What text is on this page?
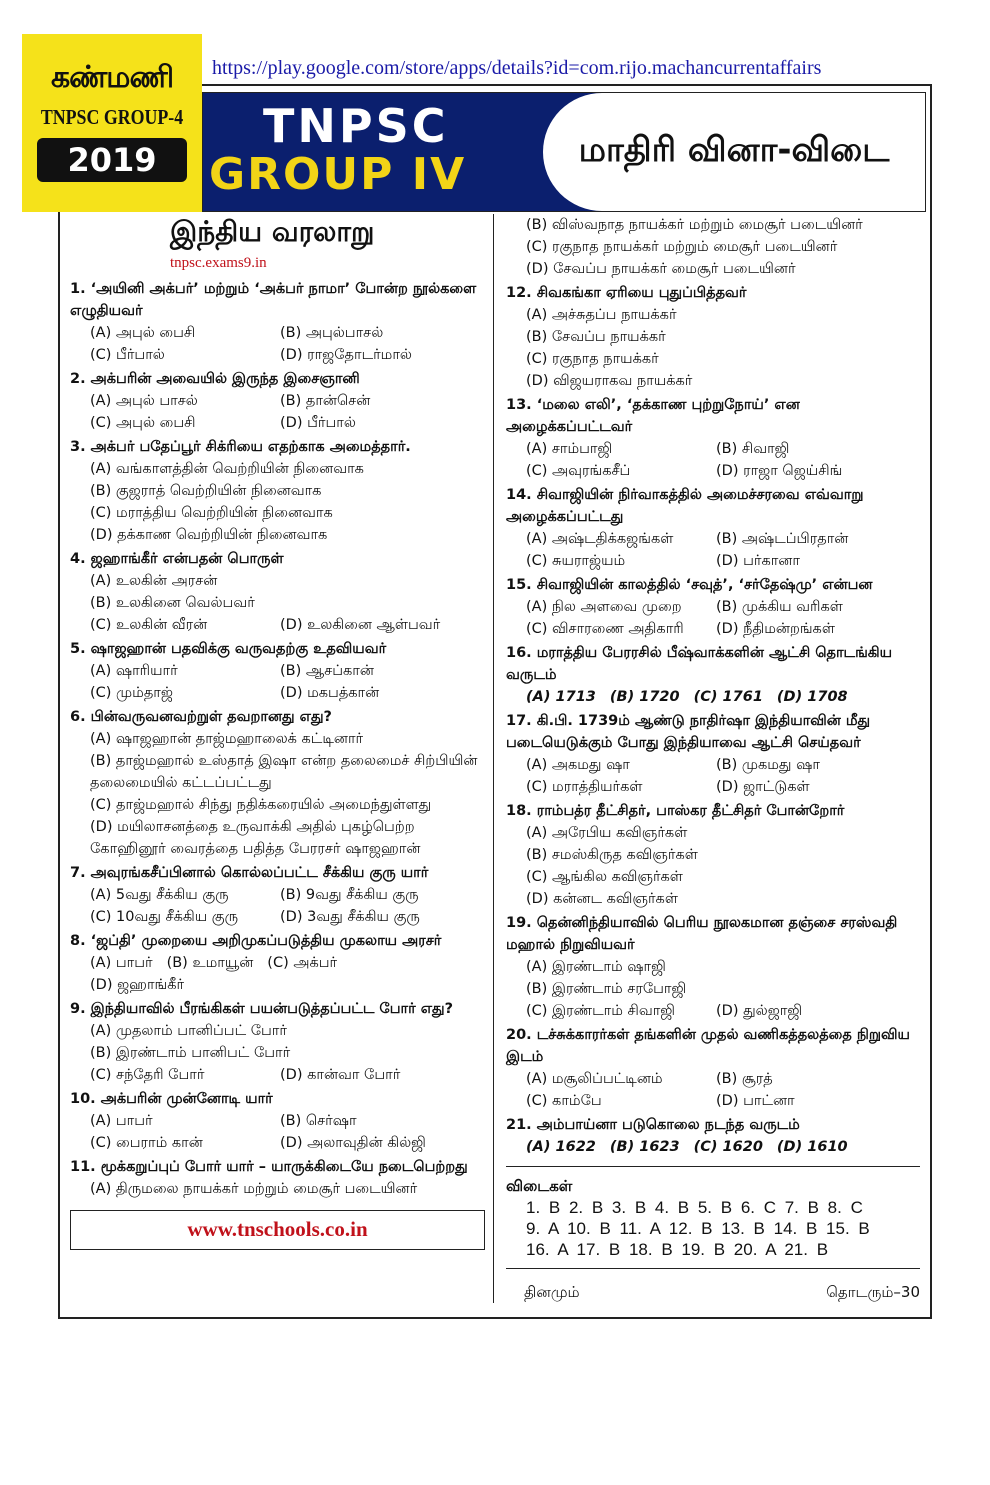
கண்மணி
TNPSC GROUP-4
2019
https://play.google.com/store/apps/details?id=com.rijo.machancurrentaffairs
TNPSC
GROUP IV	மாதிரி வினா-விடை
இந்திய வரலாறு
tnpsc.exams9.in
1. ‘அயினி அக்பர்’ மற்றும் ‘அக்பர் நாமா’ போன்ற நூல்களை எழுதியவர்
(A) அபுல் பைசி	(B) அபுல்பாசல்
(C) பீர்பால்	(D) ராஜதோடர்மால்
2. அக்பரின் அவையில் இருந்த இசைஞானி
(A) அபுல் பாசல்	(B) தான்சென்
(C) அபுல் பைசி	(D) பீர்பால்
3. அக்பர் பதேப்பூர் சிக்ரியை எதற்காக அமைத்தார்.
(A) வங்காளத்தின் வெற்றியின் நினைவாக
(B) குஜராத் வெற்றியின் நினைவாக
(C) மராத்திய வெற்றியின் நினைவாக
(D) தக்காண வெற்றியின் நினைவாக
4. ஜஹாங்கீர் என்பதன் பொருள்
(A) உலகின் அரசன்
(B) உலகினை வெல்பவர்
(C) உலகின் வீரன்	(D) உலகினை ஆள்பவர்
5. ஷாஜஹான் பதவிக்கு வருவதற்கு உதவியவர்
(A) ஷாரியார்	(B) ஆசப்கான்
(C) மும்தாஜ்	(D) மகபத்கான்
6. பின்வருவனவற்றுள் தவறானது எது?
(A) ஷாஜஹான் தாஜ்மஹாலைக் கட்டினார்
(B) தாஜ்மஹால் உஸ்தாத் இஷா என்ற தலைமைச் சிற்பியின் தலைமையில் கட்டப்பட்டது
(C) தாஜ்மஹால் சிந்து நதிக்கரையில் அமைந்துள்ளது
(D) மயிலாசனத்தை உருவாக்கி அதில் புகழ்பெற்ற கோஹினூர் வைரத்தை பதித்த பேரரசர் ஷாஜஹான்
7. அவுரங்கசீப்பினால் கொல்லப்பட்ட சீக்கிய குரு யார்
(A) 5வது சீக்கிய குரு	(B) 9வது சீக்கிய குரு
(C) 10வது சீக்கிய குரு	(D) 3வது சீக்கிய குரு
8. ‘ஜப்தி’ முறையை அறிமுகப்படுத்திய முகலாய அரசர்
(A) பாபர் (B) உமாயூன் (C) அக்பர்
(D) ஜஹாங்கீர்
9. இந்தியாவில் பீரங்கிகள் பயன்படுத்தப்பட்ட போர் எது?
(A) முதலாம் பானிப்பட் போர்
(B) இரண்டாம் பானிபட் போர்
(C) சந்தேரி போர்	(D) கான்வா போர்
10. அக்பரின் முன்னோடி யார்
(A) பாபர்	(B) செர்ஷா
(C) பைராம் கான்	(D) அலாவுதின் கில்ஜி
11. மூக்கறுப்புப் போர் யார் – யாருக்கிடையே நடைபெற்றது
(A) திருமலை நாயக்கர் மற்றும் மைசூர் படையினர்
www.tnschools.co.in
(B) விஸ்வநாத நாயக்கர் மற்றும் மைசூர் படையினர்
(C) ரகுநாத நாயக்கர் மற்றும் மைசூர் படையினர்
(D) சேவப்ப நாயக்கர் மைசூர் படையினர்
12. சிவகங்கா ஏரியை புதுப்பித்தவர்
(A) அச்சுதப்ப நாயக்கர்
(B) சேவப்ப நாயக்கர்
(C) ரகுநாத நாயக்கர்
(D) விஜயராகவ நாயக்கர்
13. ‘மலை எலி’, ‘தக்காண புற்றுநோய்’ என அழைக்கப்பட்டவர்
(A) சாம்பாஜி	(B) சிவாஜி
(C) அவுரங்கசீப்	(D) ராஜா ஜெய்சிங்
14. சிவாஜியின் நிர்வாகத்தில் அமைச்சரவை எவ்வாறு அழைக்கப்பட்டது
(A) அஷ்டதிக்கஜங்கள்	(B) அஷ்டப்பிரதான்
(C) சுயராஜ்யம்	(D) பர்கானா
15. சிவாஜியின் காலத்தில் ‘சவுத்’, ‘சர்தேஷ்மு’ என்பன
(A) நில அளவை முறை	(B) முக்கிய வரிகள்
(C) விசாரணை அதிகாரி	(D) நீதிமன்றங்கள்
16. மராத்திய பேரரசில் பீஷ்வாக்களின் ஆட்சி தொடங்கிய வருடம்
(A) 1713 (B) 1720 (C) 1761 (D) 1708
17. கி.பி. 1739ம் ஆண்டு நாதிர்ஷா இந்தியாவின் மீது படையெடுக்கும் போது இந்தியாவை ஆட்சி செய்தவர்
(A) அகமது ஷா	(B) முகமது ஷா
(C) மராத்தியர்கள்	(D) ஜாட்டுகள்
18. ராம்பத்ர தீட்சிதர், பாஸ்கர தீட்சிதர் போன்றோர்
(A) அரேபிய கவிஞர்கள்
(B) சமஸ்கிருத கவிஞர்கள்
(C) ஆங்கில கவிஞர்கள்
(D) கன்னட கவிஞர்கள்
19. தென்னிந்தியாவில் பெரிய நூலகமான தஞ்சை சரஸ்வதி மஹால் நிறுவியவர்
(A) இரண்டாம் ஷாஜி
(B) இரண்டாம் சரபோஜி
(C) இரண்டாம் சிவாஜி	(D) துல்ஜாஜி
20. டச்சுக்காரர்கள் தங்களின் முதல் வணிகத்தலத்தை நிறுவிய இடம்
(A) மசூலிப்பட்டினம்	(B) சூரத்
(C) காம்பே	(D) பாட்னா
21. அம்பாய்னா படுகொலை நடந்த வருடம்
(A) 1622 (B) 1623 (C) 1620 (D) 1610
விடைகள்
1. B 2. B 3. B 4. B 5. B 6. C 7. B 8. C
9. A 10. B 11. A 12. B 13. B 14. B 15. B
16. A 17. B 18. B 19. B 20. A 21. B
தினமும்	தொடரும்–30
